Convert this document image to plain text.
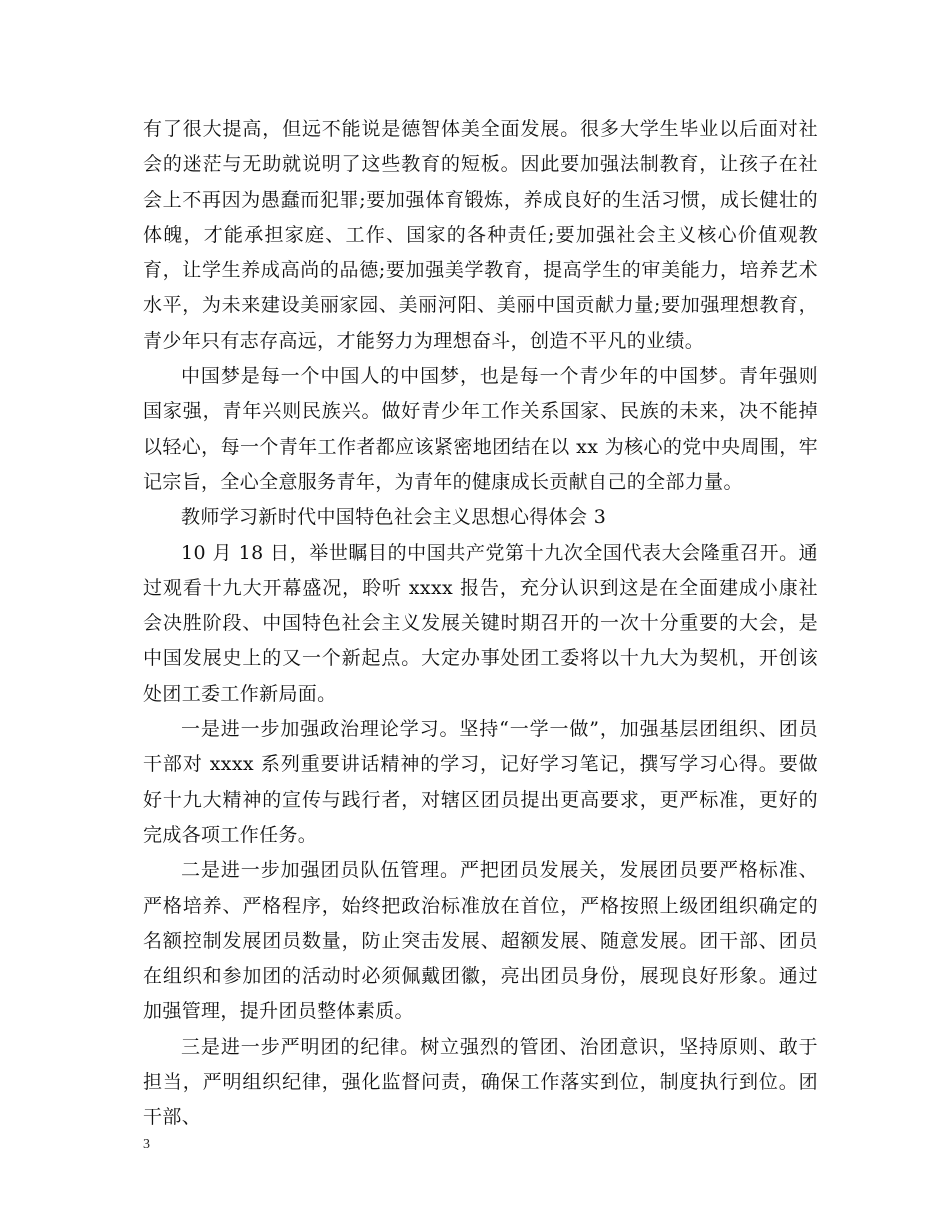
有了很大提高，但远不能说是德智体美全面发展。很多大学生毕业以后面对社会的迷茫与无助就说明了这些教育的短板。因此要加强法制教育，让孩子在社会上不再因为愚蠢而犯罪;要加强体育锻炼，养成良好的生活习惯，成长健壮的体魄，才能承担家庭、工作、国家的各种责任;要加强社会主义核心价值观教育，让学生养成高尚的品德;要加强美学教育，提高学生的审美能力，培养艺术水平，为未来建设美丽家园、美丽河阳、美丽中国贡献力量;要加强理想教育，青少年只有志存高远，才能努力为理想奋斗，创造不平凡的业绩。

中国梦是每一个中国人的中国梦，也是每一个青少年的中国梦。青年强则国家强，青年兴则民族兴。做好青少年工作关系国家、民族的未来，决不能掉以轻心，每一个青年工作者都应该紧密地团结在以 xx 为核心的党中央周围，牢记宗旨，全心全意服务青年，为青年的健康成长贡献自己的全部力量。

教师学习新时代中国特色社会主义思想心得体会 3

10 月 18 日，举世瞩目的中国共产党第十九次全国代表大会隆重召开。通过观看十九大开幕盛况，聆听 xxxx 报告，充分认识到这是在全面建成小康社会决胜阶段、中国特色社会主义发展关键时期召开的一次十分重要的大会，是中国发展史上的又一个新起点。大定办事处团工委将以十九大为契机，开创该处团工委工作新局面。

一是进一步加强政治理论学习。坚持“一学一做”，加强基层团组织、团员干部对 xxxx 系列重要讲话精神的学习，记好学习笔记，撰写学习心得。要做好十九大精神的宣传与践行者，对辖区团员提出更高要求，更严标准，更好的完成各项工作任务。

二是进一步加强团员队伍管理。严把团员发展关，发展团员要严格标准、严格培养、严格程序，始终把政治标准放在首位，严格按照上级团组织确定的名额控制发展团员数量，防止突击发展、超额发展、随意发展。团干部、团员在组织和参加团的活动时必须佩戴团徽，亮出团员身份，展现良好形象。通过加强管理，提升团员整体素质。

三是进一步严明团的纪律。树立强烈的管团、治团意识，坚持原则、敢于担当，严明组织纪律，强化监督问责，确保工作落实到位，制度执行到位。团干部、

3
